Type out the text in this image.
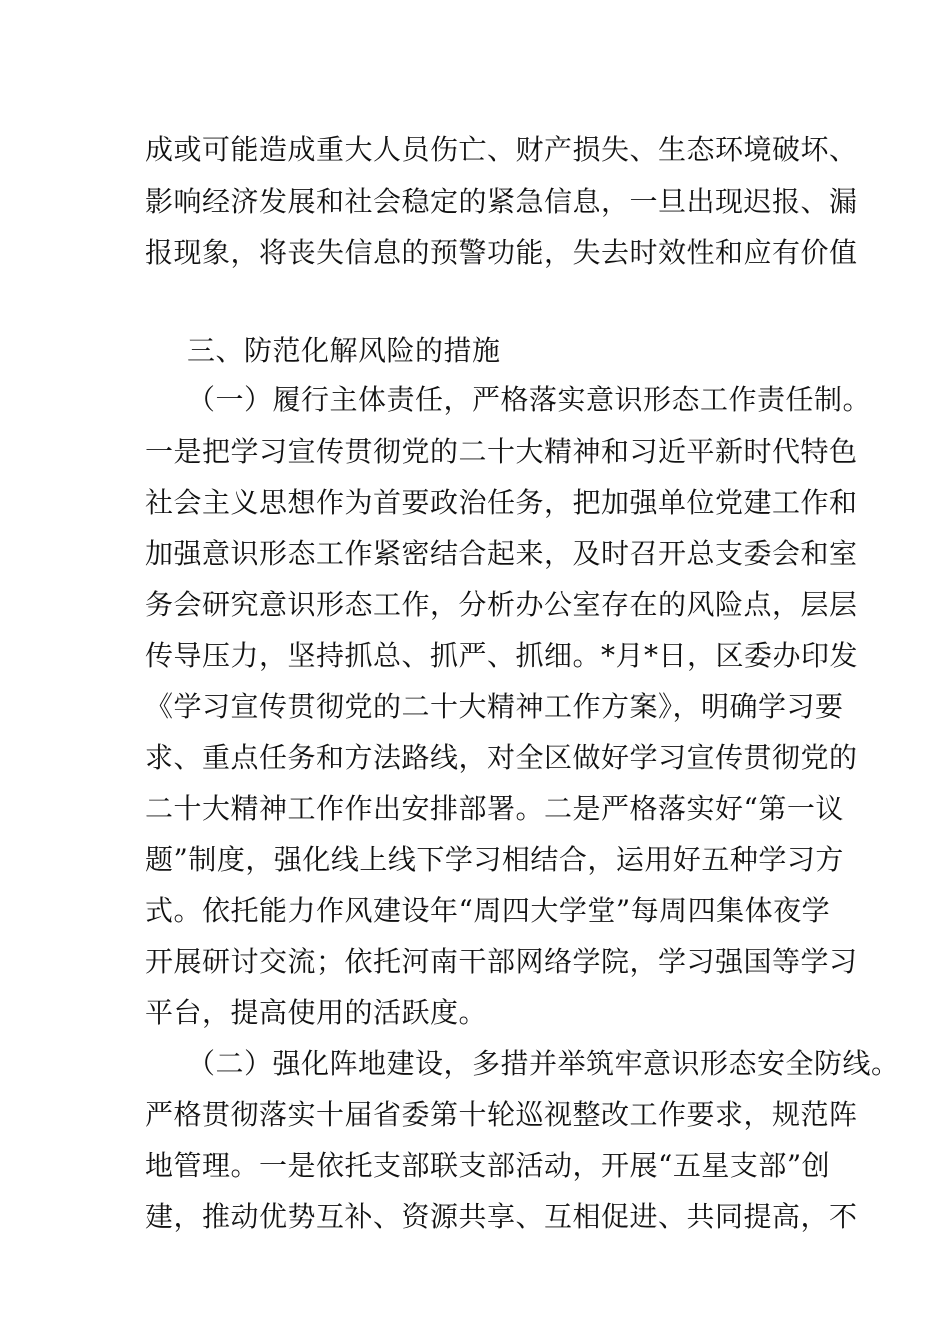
成或可能造成重大人员伤亡、财产损失、生态环境破坏、
影响经济发展和社会稳定的紧急信息，一旦出现迟报、漏
报现象，将丧失信息的预警功能，失去时效性和应有价值
三、防范化解风险的措施
（一）履行主体责任，严格落实意识形态工作责任制。
一是把学习宣传贯彻党的二十大精神和习近平新时代特色
社会主义思想作为首要政治任务，把加强单位党建工作和
加强意识形态工作紧密结合起来，及时召开总支委会和室
务会研究意识形态工作，分析办公室存在的风险点，层层
传导压力，坚持抓总、抓严、抓细。*月*日，区委办印发
《学习宣传贯彻党的二十大精神工作方案》，明确学习要
求、重点任务和方法路线，对全区做好学习宣传贯彻党的
二十大精神工作作出安排部署。二是严格落实好“第一议
题”制度，强化线上线下学习相结合，运用好五种学习方
式。依托能力作风建设年“周四大学堂”每周四集体夜学
开展研讨交流；依托河南干部网络学院，学习强国等学习
平台，提高使用的活跃度。
（二）强化阵地建设，多措并举筑牢意识形态安全防线。
严格贯彻落实十届省委第十轮巡视整改工作要求，规范阵
地管理。一是依托支部联支部活动，开展“五星支部”创
建，推动优势互补、资源共享、互相促进、共同提高，不
